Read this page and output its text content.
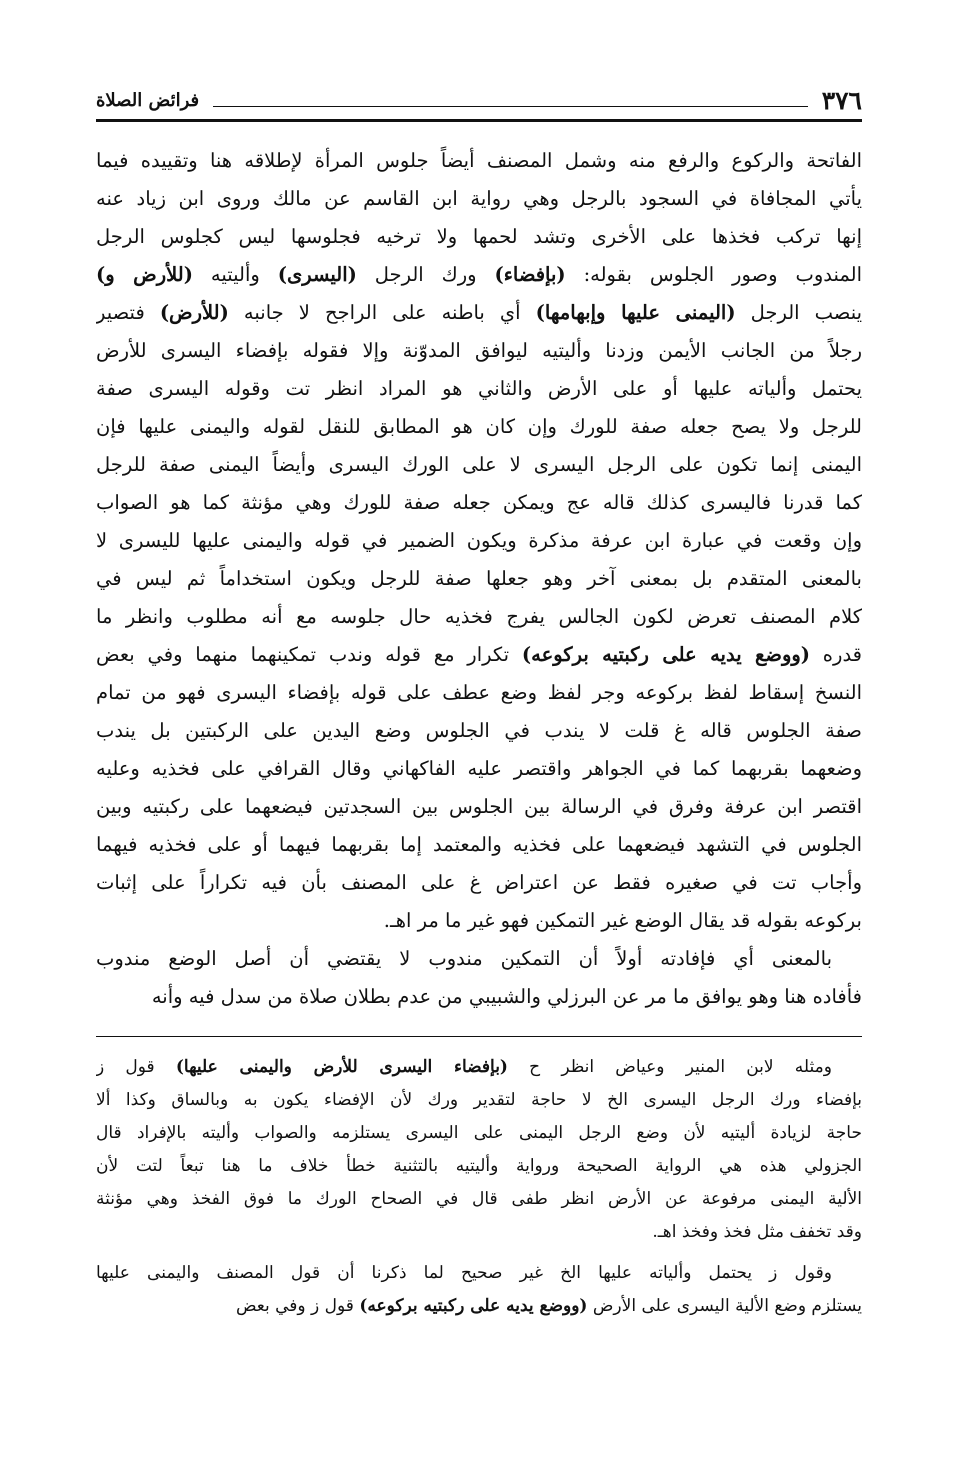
٣٧٦
فرائض الصلاة
الفاتحة والركوع والرفع منه وشمل المصنف أيضاً جلوس المرأة لإطلاقه هنا وتقييده فيما
يأتي المجافاة في السجود بالرجل وهي رواية ابن القاسم عن مالك وروى ابن زياد عنه
إنها تركب فخذها على الأخرى وتشد لحمها ولا ترخيه فجلوسها ليس كجلوس الرجل
المندوب وصور الجلوس بقوله: (بإفضاء) ورك الرجل (اليسرى) وأليتيه (للأرض و)
ينصب الرجل (اليمنى عليها وإبهامها) أي باطنه على الراجح لا جانبه (للأرض) فتصير
رجلاً من الجانب الأيمن وزدنا وأليتيه ليوافق المدوّنة وإلا فقوله بإفضاء اليسرى للأرض
يحتمل وألياته عليها أو على الأرض والثاني هو المراد انظر تت وقوله اليسرى صفة
للرجل ولا يصح جعله صفة للورك وإن كان هو المطابق للنقل لقوله واليمنى عليها فإن
اليمنى إنما تكون على الرجل اليسرى لا على الورك اليسرى وأيضاً اليمنى صفة للرجل
كما قدرنا فاليسرى كذلك قاله عج ويمكن جعله صفة للورك وهي مؤنثة كما هو الصواب
وإن وقعت في عبارة ابن عرفة مذكرة ويكون الضمير في قوله واليمنى عليها لليسرى لا
بالمعنى المتقدم بل بمعنى آخر وهو جعلها صفة للرجل ويكون استخداماً ثم ليس في
كلام المصنف تعرض لكون الجالس يفرج فخذيه حال جلوسه مع أنه مطلوب وانظر ما
قدره (ووضع يديه على ركبتيه بركوعه) تكرار مع قوله وندب تمكينهما منهما وفي بعض
النسخ إسقاط لفظ بركوعه وجر لفظ وضع عطف على قوله بإفضاء اليسرى فهو من تمام
صفة الجلوس قاله غ قلت لا يندب في الجلوس وضع اليدين على الركبتين بل يندب
وضعهما بقربهما كما في الجواهر واقتصر عليه الفاكهاني وقال القرافي على فخذيه وعليه
اقتصر ابن عرفة وفرق في الرسالة بين الجلوس بين السجدتين فيضعهما على ركبتيه وبين
الجلوس في التشهد فيضعهما على فخذيه والمعتمد إما بقربهما فيهما أو على فخذيه فيهما
وأجاب تت في صغيره فقط عن اعتراض غ على المصنف بأن فيه تكراراً على إثبات
بركوعه بقوله قد يقال الوضع غير التمكين فهو غير ما مر اهـ.
بالمعنى أي فإفادته أولاً أن التمكين مندوب لا يقتضي أن أصل الوضع مندوب
فأفاده هنا وهو يوافق ما مر عن البرزلي والشبيبي من عدم بطلان صلاة من سدل فيه وأنه
ومثله لابن المنير وعياض انظر ح (بإفضاء اليسرى للأرض واليمنى عليها) قول ز
بإفضاء ورك الرجل اليسرى الخ لا حاجة لتقدير ورك لأن الإفضاء يكون به وبالساق وكذا ألا
حاجة لزيادة أليتيه لأن وضع الرجل اليمنى على اليسرى يستلزمه والصواب وأليته بالإفراد قال
الجزولي هذه هي الرواية الصحيحة ورواية وأليتيه بالتثنية خطأ خلاف ما هنا تبعاً لتت لأن
الألية اليمنى مرفوعة عن الأرض انظر طفى قال في الصحاح الورك ما فوق الفخذ وهي مؤنثة
وقد تخفف مثل فخذ وفخذ اهـ.
وقول ز يحتمل وألياته عليها الخ غير صحيح لما ذكرنا أن قول المصنف واليمنى عليها
يستلزم وضع الألية اليسرى على الأرض (ووضع يديه على ركبتيه بركوعه) قول ز وفي بعض
